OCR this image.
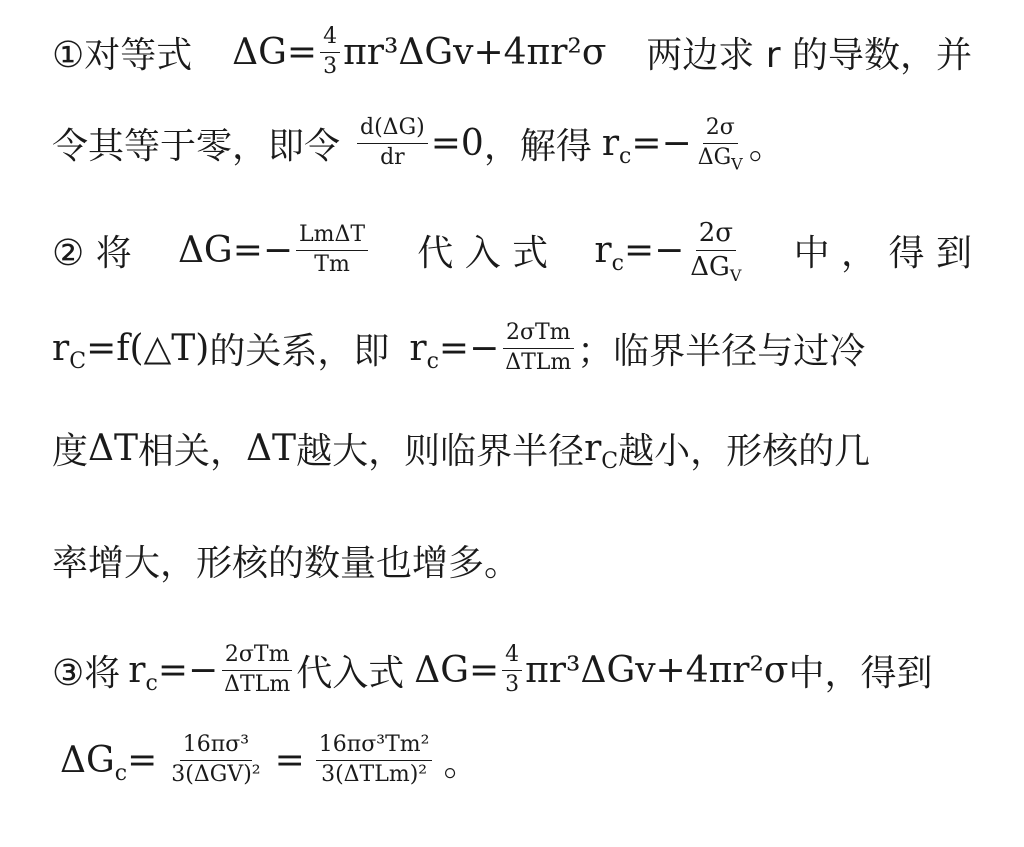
①对等式 $\Delta G= \frac{4}{3} \pi r^3\Delta Gv+4\pi r^2\sigma$ 两边求 r 的导数，并
令其等于零，即令 $\frac{d(\Delta G)}{dr} =0$ ，解得 $r_c =- \frac{2\sigma}{\Delta G_V}$ 。
② 将 $\Delta G=- \frac{\text{LmΔT}}{Tm}$ 代 入 式 $r_c =- \frac{2\sigma}{\Delta G_V}$ 中 ， 得 到
$r_C$ =f(△T) 的关系，即 $r_c =- \frac{\text{2σTm}}{\text{ΔTLm}}$ ；临界半径与过冷
度 ΔT 相关， ΔT 越大，则临界半径 $r_C$ 越小，形核的几
率增大，形核的数量也增多。
③将 $r_c =- \frac{\text{2σTm}}{\text{ΔTLm}}$ 代入式 $\Delta G= \frac{4}{3} \pi r^3\Delta Gv+4\pi r^2\sigma$ 中，得到
$\Delta G_c = \frac{\text{16πσ³}}{\text{3(ΔGV)²}} = \frac{\text{16πσ³Tm²}}{\text{3(ΔTLm)²}}$ 。
